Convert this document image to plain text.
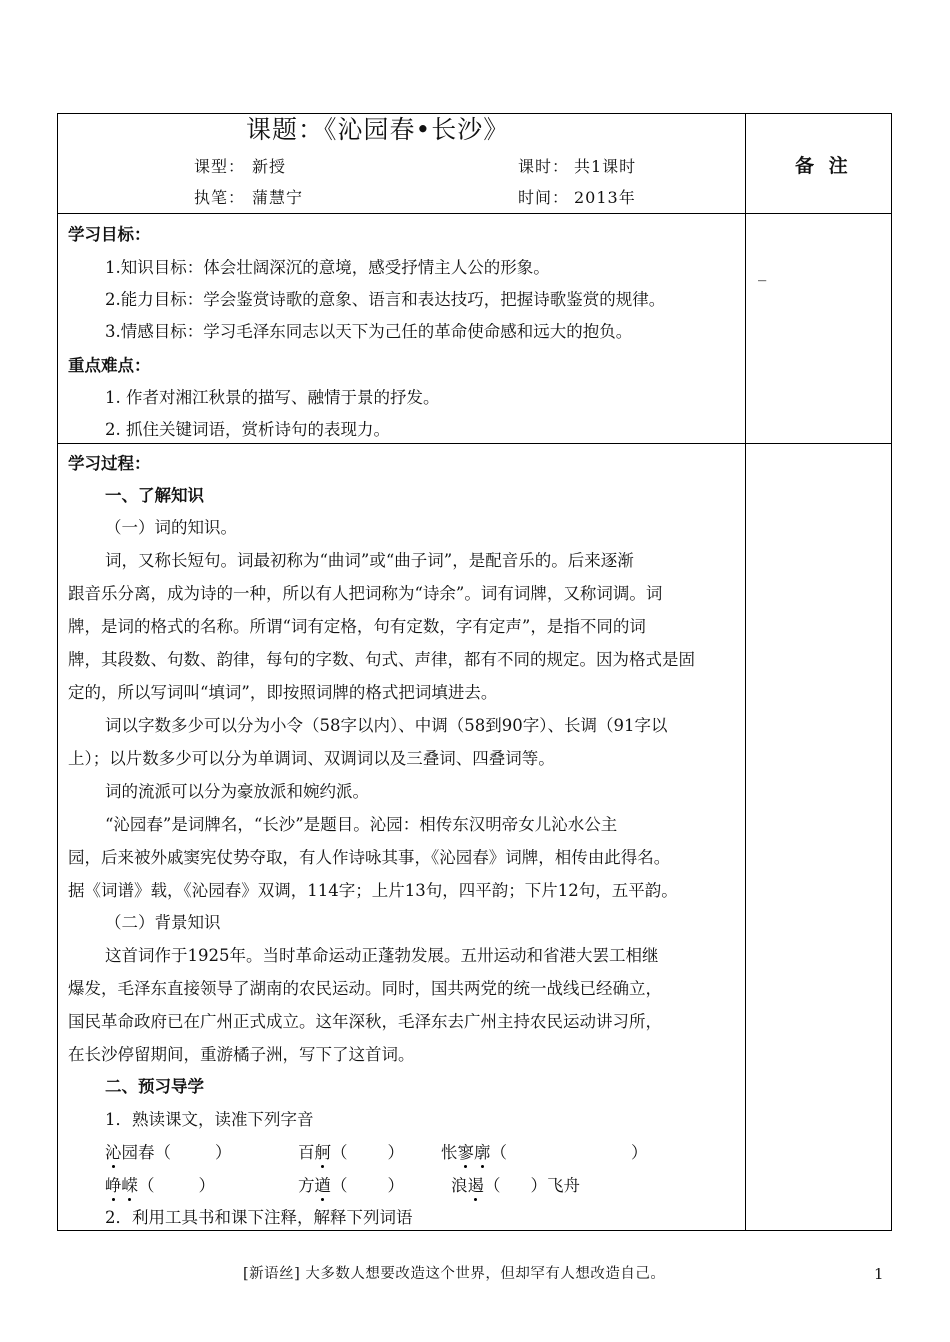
课题：《沁园春•长沙》
课型： 新授	课时： 共1课时
执笔： 蒲慧宁	时间： 2013年
备 注
学习目标：
1.知识目标：体会壮阔深沉的意境，感受抒情主人公的形象。
2.能力目标：学会鉴赏诗歌的意象、语言和表达技巧，把握诗歌鉴赏的规律。
3.情感目标：学习毛泽东同志以天下为己任的革命使命感和远大的抱负。
_
重点难点：
1. 作者对湘江秋景的描写、融情于景的抒发。
2. 抓住关键词语，赏析诗句的表现力。
学习过程：
一、了解知识
（一）词的知识。
词，又称长短句。词最初称为“曲词”或“曲子词”，是配音乐的。后来逐渐
跟音乐分离，成为诗的一种，所以有人把词称为“诗余”。词有词牌，又称词调。词
牌，是词的格式的名称。所谓“词有定格，句有定数，字有定声”，是指不同的词
牌，其段数、句数、韵律，每句的字数、句式、声律，都有不同的规定。因为格式是固
定的，所以写词叫“填词”，即按照词牌的格式把词填进去。
词以字数多少可以分为小令（58字以内）、中调（58到90字）、长调（91字以
上）；以片数多少可以分为单调词、双调词以及三叠词、四叠词等。
词的流派可以分为豪放派和婉约派。
“沁园春”是词牌名，“长沙”是题目。沁园：相传东汉明帝女儿沁水公主
园，后来被外戚窦宪仗势夺取，有人作诗咏其事，《沁园春》词牌，相传由此得名。
据《词谱》载，《沁园春》双调，114字；上片13句，四平韵；下片12句，五平韵。
（二）背景知识
这首词作于1925年。当时革命运动正蓬勃发展。五卅运动和省港大罢工相继
爆发，毛泽东直接领导了湖南的农民运动。同时，国共两党的统一战线已经确立，
国民革命政府已在广州正式成立。这年深秋，毛泽东去广州主持农民运动讲习所，
在长沙停留期间，重游橘子洲，写下了这首词。
二、预习导学
1．熟读课文，读准下列字音
沁园春（	）	百舸（ ） 怅寥廓（	）
峥嵘（	）	方遒（ ）	浪遏（ ）飞舟
2．利用工具书和课下注释，解释下列词语
[新语丝] 大多数人想要改造这个世界，但却罕有人想改造自己。	1
